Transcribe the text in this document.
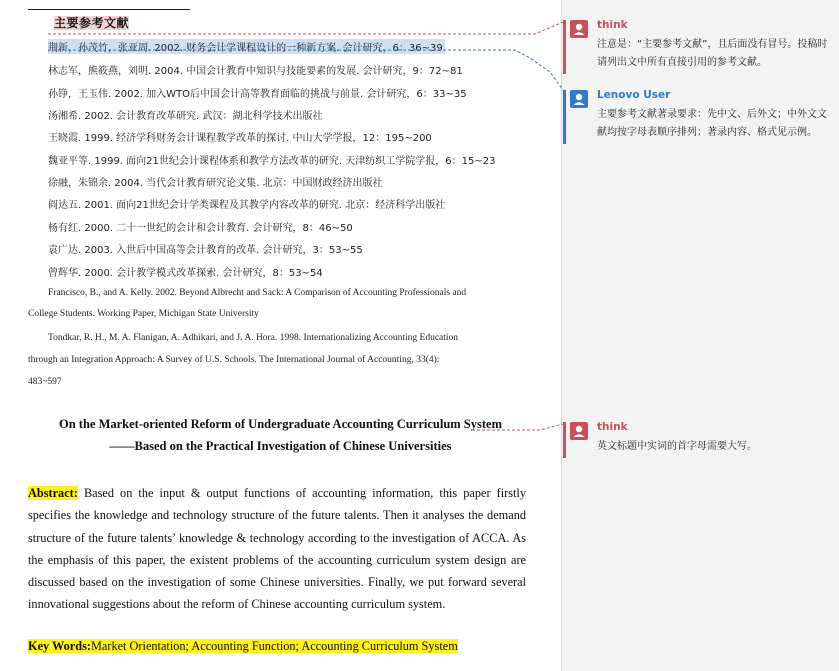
主要参考文献
荆新，孙茂竹，张亚周. 2002. 财务会计学课程设计的一种新方案. 会计研究，6：36~39
林志军，熊筱燕，刘明. 2004. 中国会计教育中知识与技能要素的发展. 会计研究，9：72~81
孙铮，王玉伟. 2002. 加入WTO后中国会计高等教育面临的挑战与前景. 会计研究，6：33~35
汤湘希. 2002. 会计教育改革研究. 武汉：湖北科学技术出版社
王晓霞. 1999. 经济学科财务会计课程教学改革的探讨. 中山大学学报，12：195~200
魏亚平等. 1999. 面向21世纪会计课程体系和教学方法改革的研究. 天津纺织工学院学报，6：15~23
徐融，朱锦余. 2004. 当代会计教育研究论文集. 北京：中国财政经济出版社
阎达五. 2001. 面向21世纪会计学类课程及其教学内容改革的研究. 北京：经济科学出版社
杨有红. 2000. 二十一世纪的会计和会计教育. 会计研究，8：46~50
袁广达. 2003. 入世后中国高等会计教育的改革. 会计研究，3：53~55
曾辉华. 2000. 会计教学模式改革探索. 会计研究，8：53~54
Francisco, B., and A. Kelly. 2002. Beyond Albrecht and Sack: A Comparison of Accounting Professionals and
College Students. Working Paper, Michigan State University
Tondkar, R. H., M. A. Flanigan, A. Adhikari, and J. A. Hora. 1998. Internationalizing Accounting Education
through an Integration Approach: A Survey of U.S. Schools. The International Journal of Accounting, 33(4):
483~597
On the Market-oriented Reform of Undergraduate Accounting Curriculum System
——Based on the Practical Investigation of Chinese Universities
Abstract: Based on the input & output functions of accounting information, this paper firstly specifies the knowledge and technology structure of the future talents. Then it analyses the demand structure of the future talents’ knowledge & technology according to the investigation of ACCA. As the emphasis of this paper, the existent problems of the accounting curriculum system design are discussed based on the investigation of some Chinese universities. Finally, we put forward several innovational suggestions about the reform of Chinese accounting curriculum system.
Key Words:Market Orientation; Accounting Function; Accounting Curriculum System
think
注意是：“主要参考文献”，且后面没有冒号。投稿时请列出文中所有直接引用的参考文献。
Lenovo User
主要参考文献著录要求：先中文、后外文；中外文文献均按字母表顺序排列；著录内容、格式见示例。
think
英文标题中实词的首字母需要大写。
